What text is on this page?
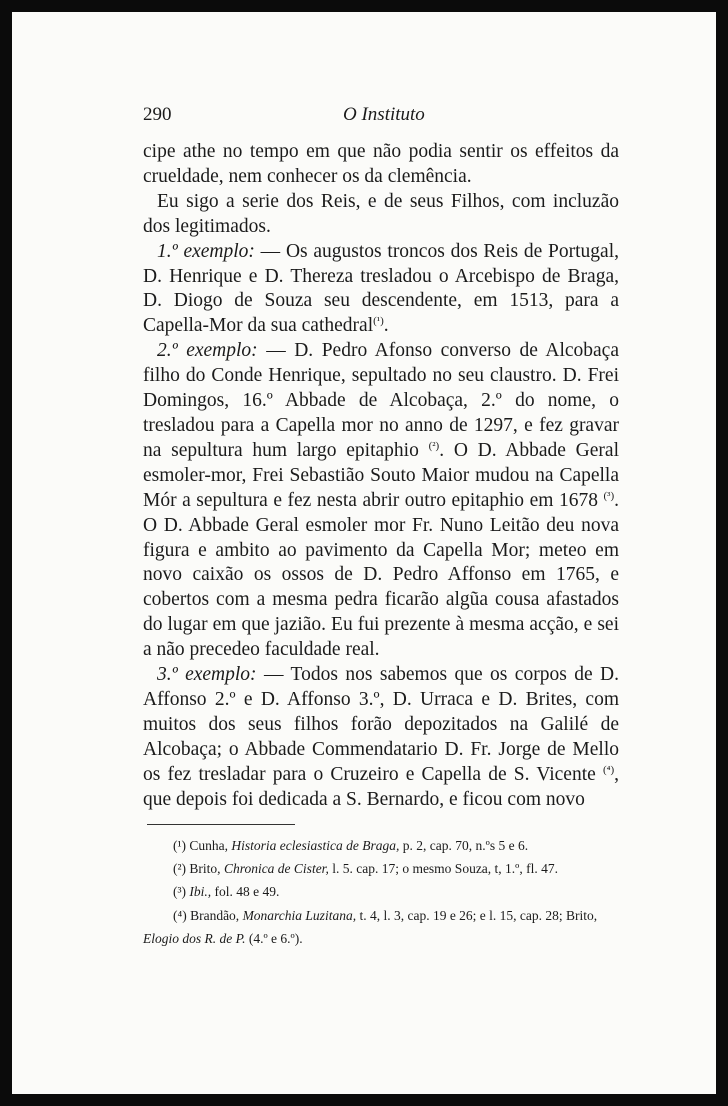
290	O Instituto

cipe athe no tempo em que não podia sentir os effeitos da crueldade, nem conhecer os da clemência.

Eu sigo a serie dos Reis, e de seus Filhos, com incluzão dos legitimados.

1.º exemplo: — Os augustos troncos dos Reis de Portugal, D. Henrique e D. Thereza tresladou o Arcebispo de Braga, D. Diogo de Souza seu descendente, em 1513, para a Capella-Mor da sua cathedral$^{(^1)}$.

2.º exemplo: — D. Pedro Afonso converso de Alcobaça filho do Conde Henrique, sepultado no seu claustro. D. Frei Domingos, 16.º Abbade de Alcobaça, 2.º do nome, o tresladou para a Capella mor no anno de 1297, e fez gravar na sepultura hum largo epitaphio $^{(^2)}$. O D. Abbade Geral esmoler-mor, Frei Sebastião Souto Maior mudou na Capella Mór a sepultura e fez nesta abrir outro epitaphio em 1678 $^{(^3)}$. O D. Abbade Geral esmoler mor Fr. Nuno Leitão deu nova figura e ambito ao pavimento da Capella Mor; meteo em novo caixão os ossos de D. Pedro Affonso em 1765, e cobertos com a mesma pedra ficarão algũa cousa afastados do lugar em que jazião. Eu fui prezente à mesma acção, e sei a não precedeo faculdade real.

3.º exemplo: — Todos nos sabemos que os corpos de D. Affonso 2.º e D. Affonso 3.º, D. Urraca e D. Brites, com muitos dos seus filhos forão depozitados na Galilé de Alcobaça; o Abbade Commendatario D. Fr. Jorge de Mello os fez tresladar para o Cruzeiro e Capella de S. Vicente $^{(^4)}$, que depois foi dedicada a S. Bernardo, e ficou com novo

(¹) Cunha, Historia eclesiastica de Braga, p. 2, cap. 70, n.ºs 5 e 6.

(²) Brito, Chronica de Cister, l. 5. cap. 17; o mesmo Souza, t, 1.º, fl. 47.

(³) Ibi., fol. 48 e 49.

(⁴) Brandão, Monarchia Luzitana, t. 4, l. 3, cap. 19 e 26; e l. 15, cap. 28; Brito, Elogio dos R. de P. (4.º e 6.º).
